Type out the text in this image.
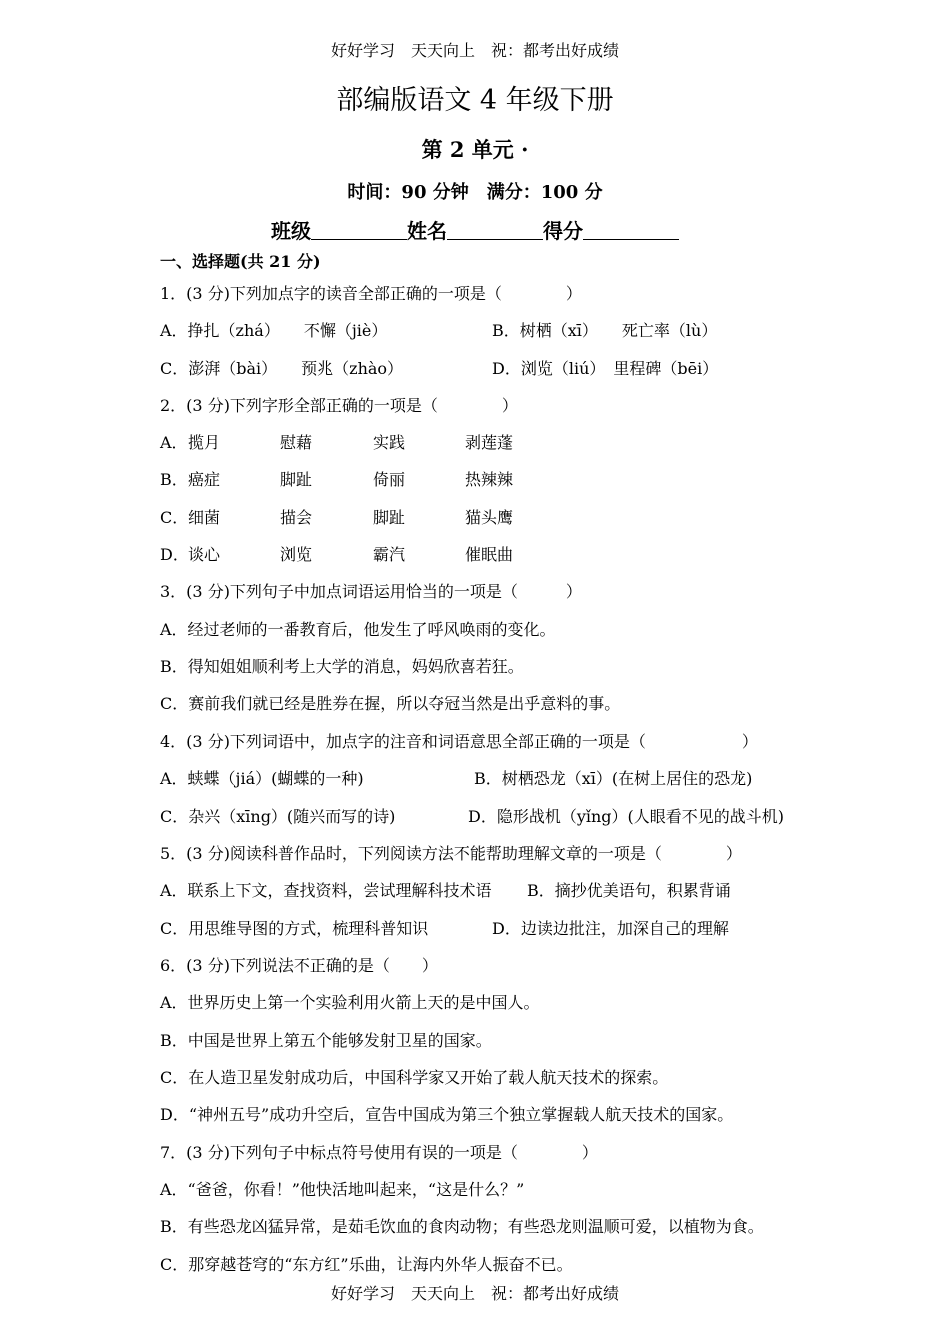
好好学习　天天向上　祝：都考出好成绩
部编版语文 4 年级下册
第 2 单元 ·
时间：90 分钟　满分：100 分
班级	姓名	得分
一、选择题(共 21 分)
1．(3 分)下列加点字的读音全部正确的一项是（　　　　）
A．挣扎（zhá）　　不懈（jiè）	B．树栖（xī）　　死亡率（lù）
C．澎湃（bài）　　预兆（zhào）	D．浏览（liú）　里程碑（bēi）
2．(3 分)下列字形全部正确的一项是（　　　　）
A． 揽月	慰藉	实践	剥莲蓬
B． 癌症	脚趾	倚丽	热辣辣
C． 细菌	描会	脚趾	猫头鹰
D． 谈心	浏览	霸汽	催眠曲
3．(3 分)下列句子中加点词语运用恰当的一项是（　　　）
A．经过老师的一番教育后，他发生了呼风唤雨的变化。
B．得知姐姐顺利考上大学的消息，妈妈欣喜若狂。
C．赛前我们就已经是胜券在握，所以夺冠当然是出乎意料的事。
4．(3 分)下列词语中，加点字的注音和词语意思全部正确的一项是（　　　　　　）
A．蛱蝶（jiá）(蝴蝶的一种)	B．树栖恐龙（xī）(在树上居住的恐龙)
C．杂兴（xīng）(随兴而写的诗)	D．隐形战机（yǐng）(人眼看不见的战斗机)
5．(3 分)阅读科普作品时，下列阅读方法不能帮助理解文章的一项是（　　　　）
A．联系上下文，查找资料，尝试理解科技术语 B．摘抄优美语句，积累背诵
C．用思维导图的方式，梳理科普知识	D．边读边批注，加深自己的理解
6．(3 分)下列说法不正确的是（　　）
A．世界历史上第一个实验利用火箭上天的是中国人。
B．中国是世界上第五个能够发射卫星的国家。
C．在人造卫星发射成功后，中国科学家又开始了载人航天技术的探索。
D．“神州五号”成功升空后，宣告中国成为第三个独立掌握载人航天技术的国家。
7．(3 分)下列句子中标点符号使用有误的一项是（　　　　）
A．“爸爸，你看！”他快活地叫起来，“这是什么？”
B．有些恐龙凶猛异常，是茹毛饮血的食肉动物；有些恐龙则温顺可爱，以植物为食。
C．那穿越苍穹的“东方红”乐曲，让海内外华人振奋不已。
好好学习　天天向上　祝：都考出好成绩
